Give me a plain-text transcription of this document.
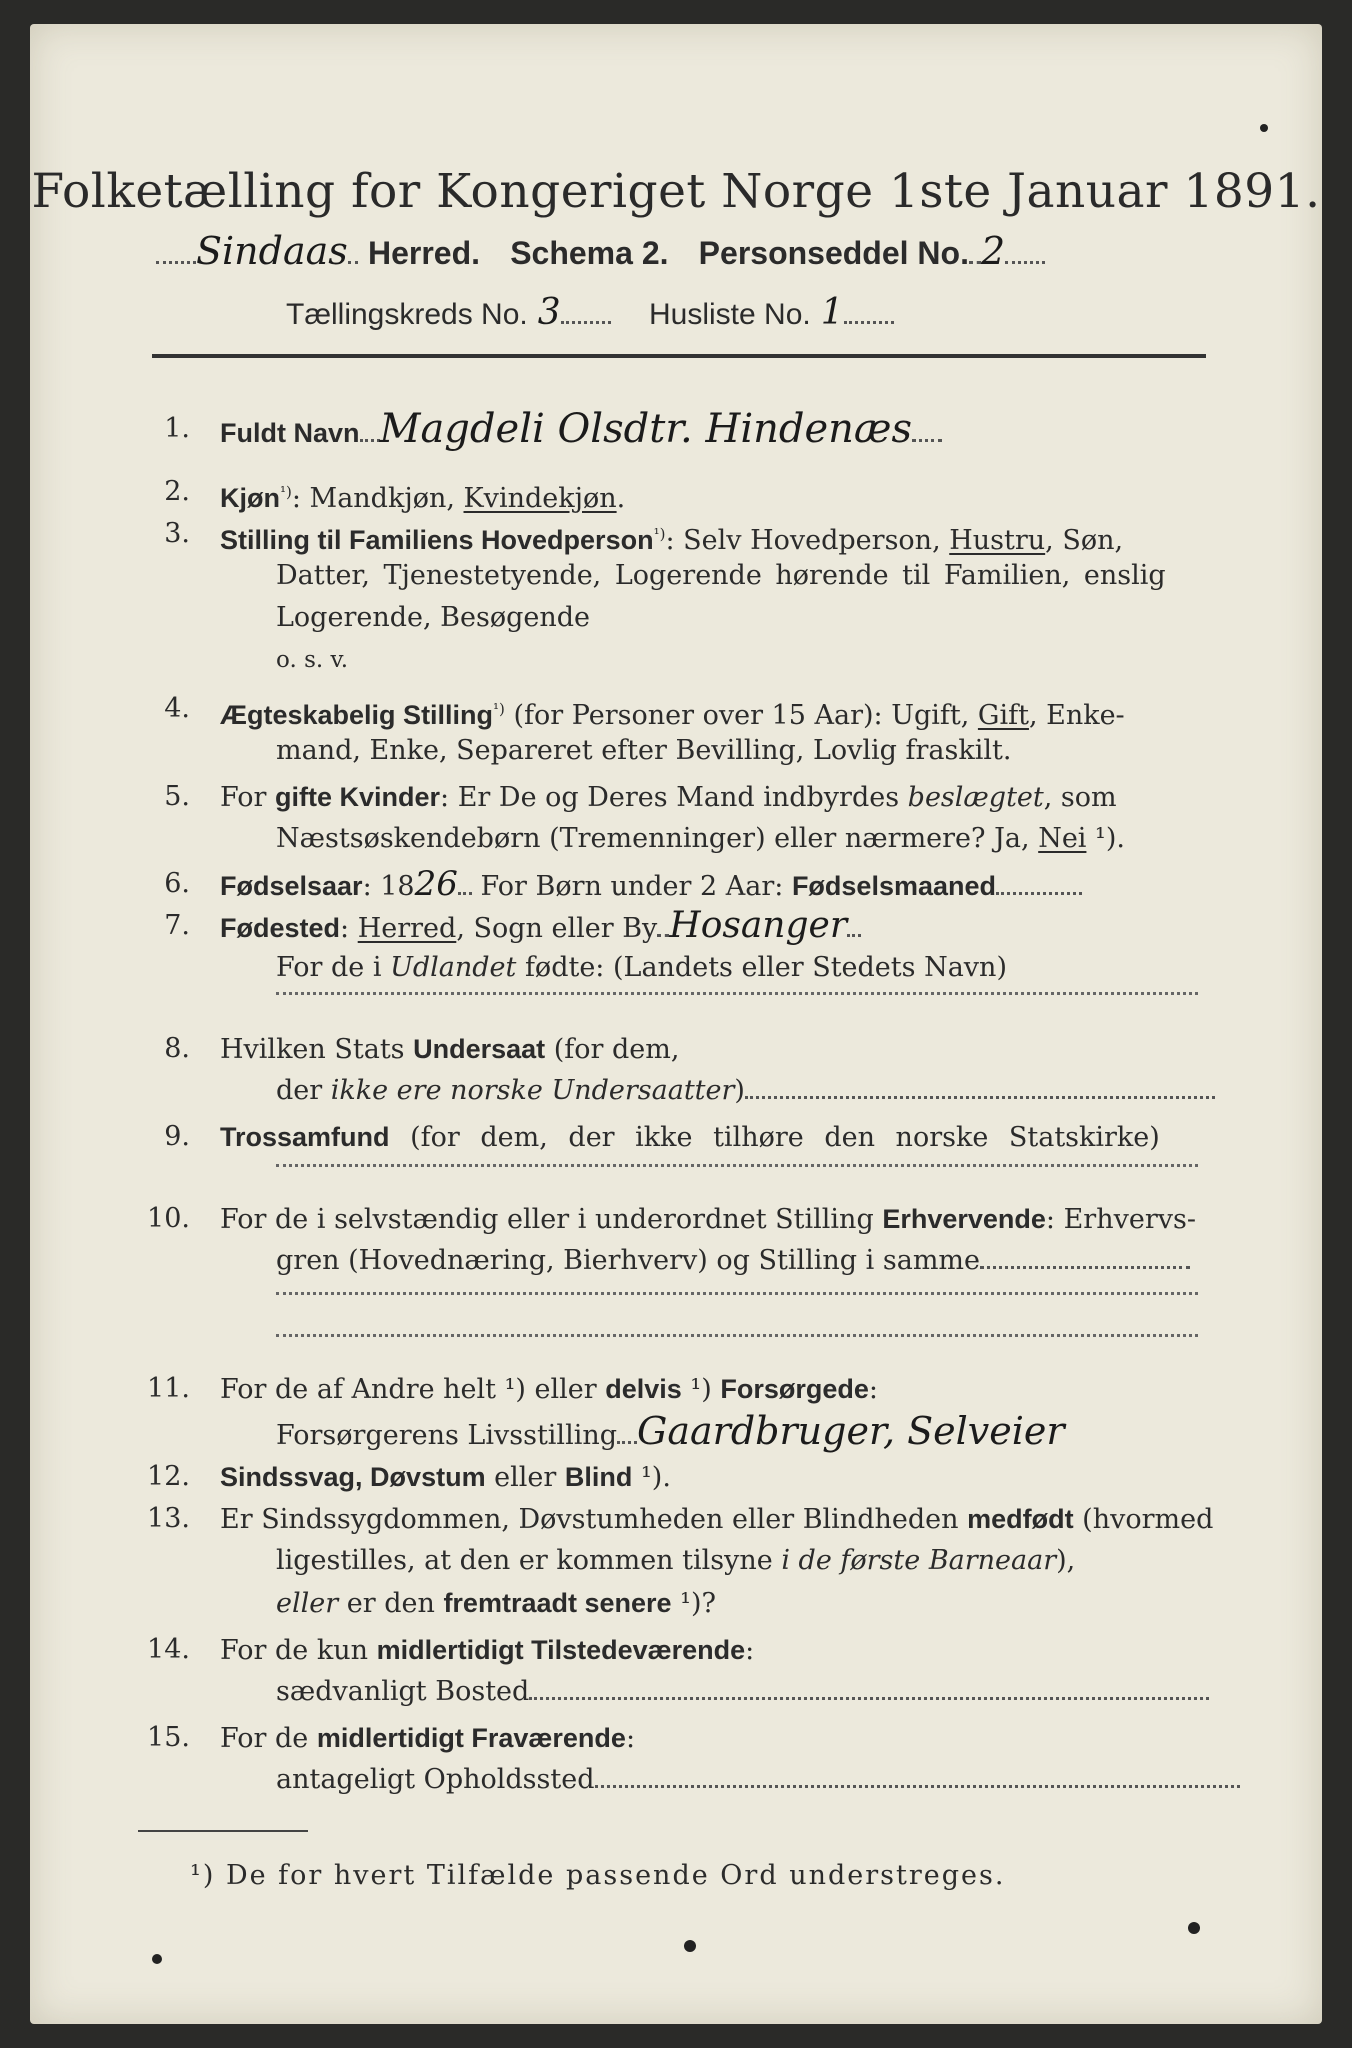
Folketælling for Kongeriget Norge 1ste Januar 1891.
Sindaas Herred. Schema 2. Personseddel No. 2
Tællingskreds No. 3	Husliste No. 1
1. Fuldt Navn Magdeli Olsdtr. Hindenæs
2. Kjøn$^{^1)}$: Mandkjøn, Kvindekjøn.
3. Stilling til Familiens Hovedperson$^{^1)}$: Selv Hovedperson, Hustru, Søn,
Datter, Tjenestetyende, Logerende hørende til Familien, enslig
Logerende, Besøgende
o. s. v.
4. Ægteskabelig Stilling$^{^1)}$ (for Personer over 15 Aar): Ugift, Gift, Enke-
mand, Enke, Separeret efter Bevilling, Lovlig fraskilt.
5. For gifte Kvinder: Er De og Deres Mand indbyrdes beslægtet, som
Næstsøskendebørn (Tremenninger) eller nærmere? Ja, Nei ¹).
6. Fødselsaar: 1826 For Børn under 2 Aar: Fødselsmaaned
7. Fødested: Herred, Sogn eller By Hosanger
For de i Udlandet fødte: (Landets eller Stedets Navn)
8. Hvilken Stats Undersaat (for dem,
der ikke ere norske Undersaatter)
9. Trossamfund (for dem, der ikke tilhøre den norske Statskirke)
10. For de i selvstændig eller i underordnet Stilling Erhvervende: Erhvervs-
gren (Hovednæring, Bierhverv) og Stilling i samme
11. For de af Andre helt ¹) eller delvis ¹) Forsørgede:
Forsørgerens Livsstilling Gaardbruger, Selveier
12. Sindssvag, Døvstum eller Blind ¹).
13. Er Sindssygdommen, Døvstumheden eller Blindheden medfødt (hvormed
ligestilles, at den er kommen tilsyne i de første Barneaar),
eller er den fremtraadt senere ¹)?
14. For de kun midlertidigt Tilstedeværende:
sædvanligt Bosted
15. For de midlertidigt Fraværende:
antageligt Opholdssted
¹) De for hvert Tilfælde passende Ord understreges.
